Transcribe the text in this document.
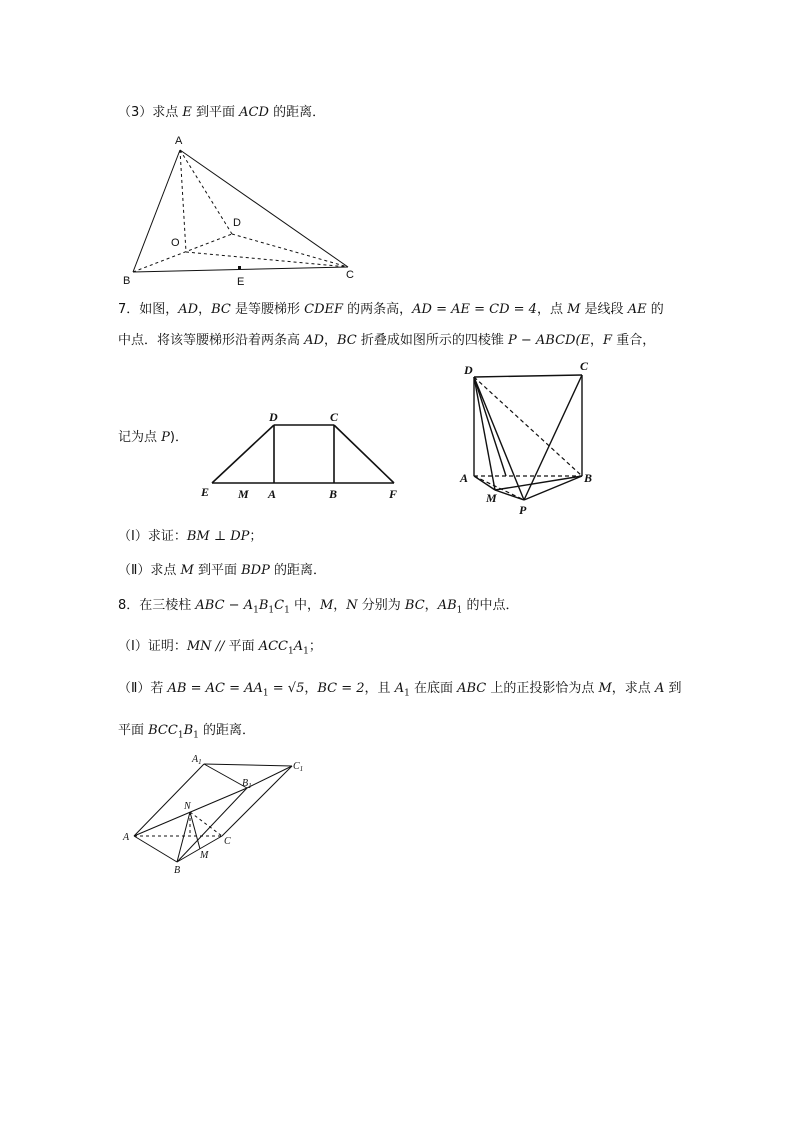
（3）求点 E 到平面 ACD 的距离．
A
B	C
D
O
E
7．如图，AD，BC 是等腰梯形 CDEF 的两条高，AD = AE = CD = 4，点 M 是线段 AE 的
中点．将该等腰梯形沿着两条高 AD，BC 折叠成如图所示的四棱锥 P − ABCD(E，F 重合，
记为点 P)．
D	C
E M A	B	F
D	C
A	B
M
P
（Ⅰ）求证：BM ⊥ DP；
（Ⅱ）求点 M 到平面 BDP 的距离．
8．在三棱柱 ABC − $A_1B_1C_1$ 中，M，N 分别为 BC，$AB_1$ 的中点．
（Ⅰ）证明：MN // 平面 $ACC_1A_1$；
（Ⅱ）若 AB = AC = $AA_1 = √5$，BC = 2，且 $A_1$ 在底面 ABC 上的正投影恰为点 M，求点 A 到
平面 $BCC_1B_1$ 的距离．
$A_1$
$B_1$
$C_1$
N
A	C
M
B
